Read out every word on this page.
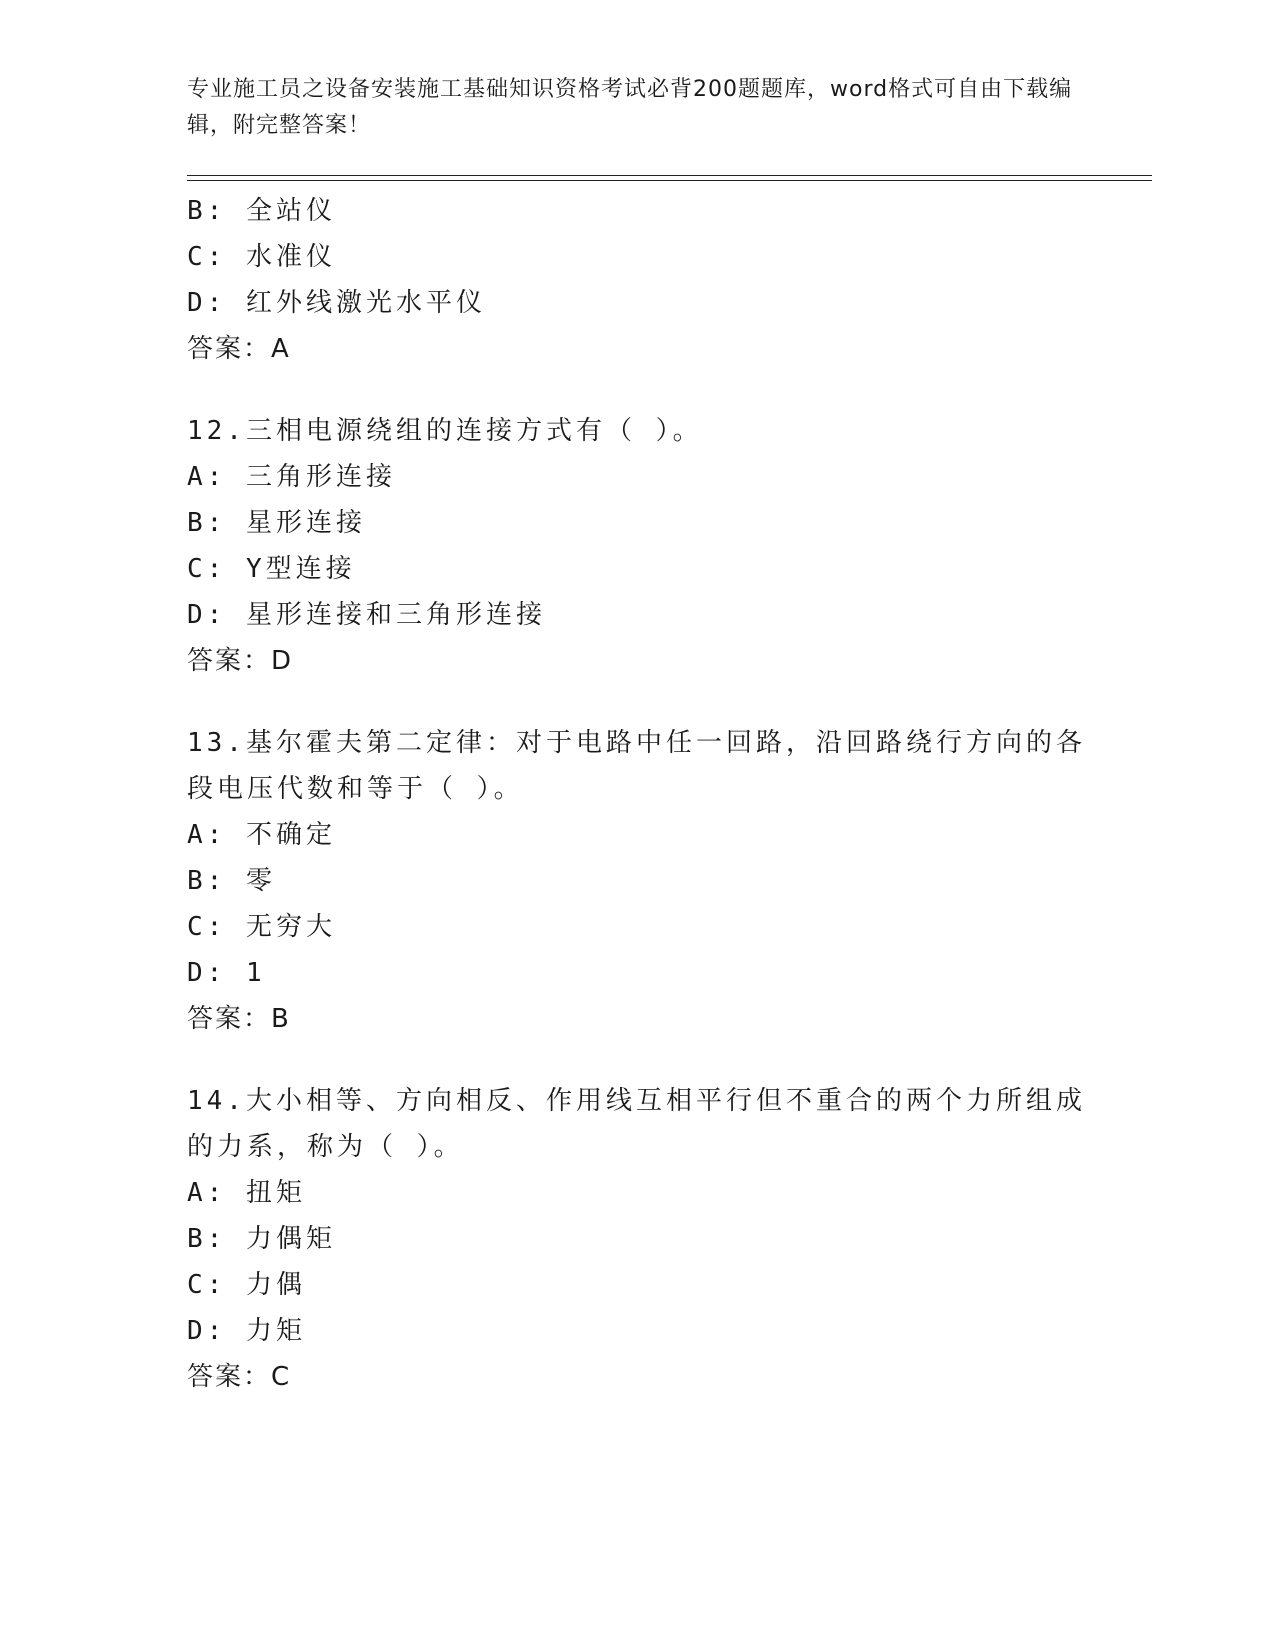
专业施工员之设备安装施工基础知识资格考试必背200题题库，word格式可自由下载编辑，附完整答案！
B: 全站仪
C: 水准仪
D: 红外线激光水平仪
答案：A
12.三相电源绕组的连接方式有（ ）。
A: 三角形连接
B: 星形连接
C: Y型连接
D: 星形连接和三角形连接
答案：D
13.基尔霍夫第二定律：对于电路中任一回路，沿回路绕行方向的各段电压代数和等于（ ）。
A: 不确定
B: 零
C: 无穷大
D: 1
答案：B
14.大小相等、方向相反、作用线互相平行但不重合的两个力所组成的力系，称为（ ）。
A: 扭矩
B: 力偶矩
C: 力偶
D: 力矩
答案：C
